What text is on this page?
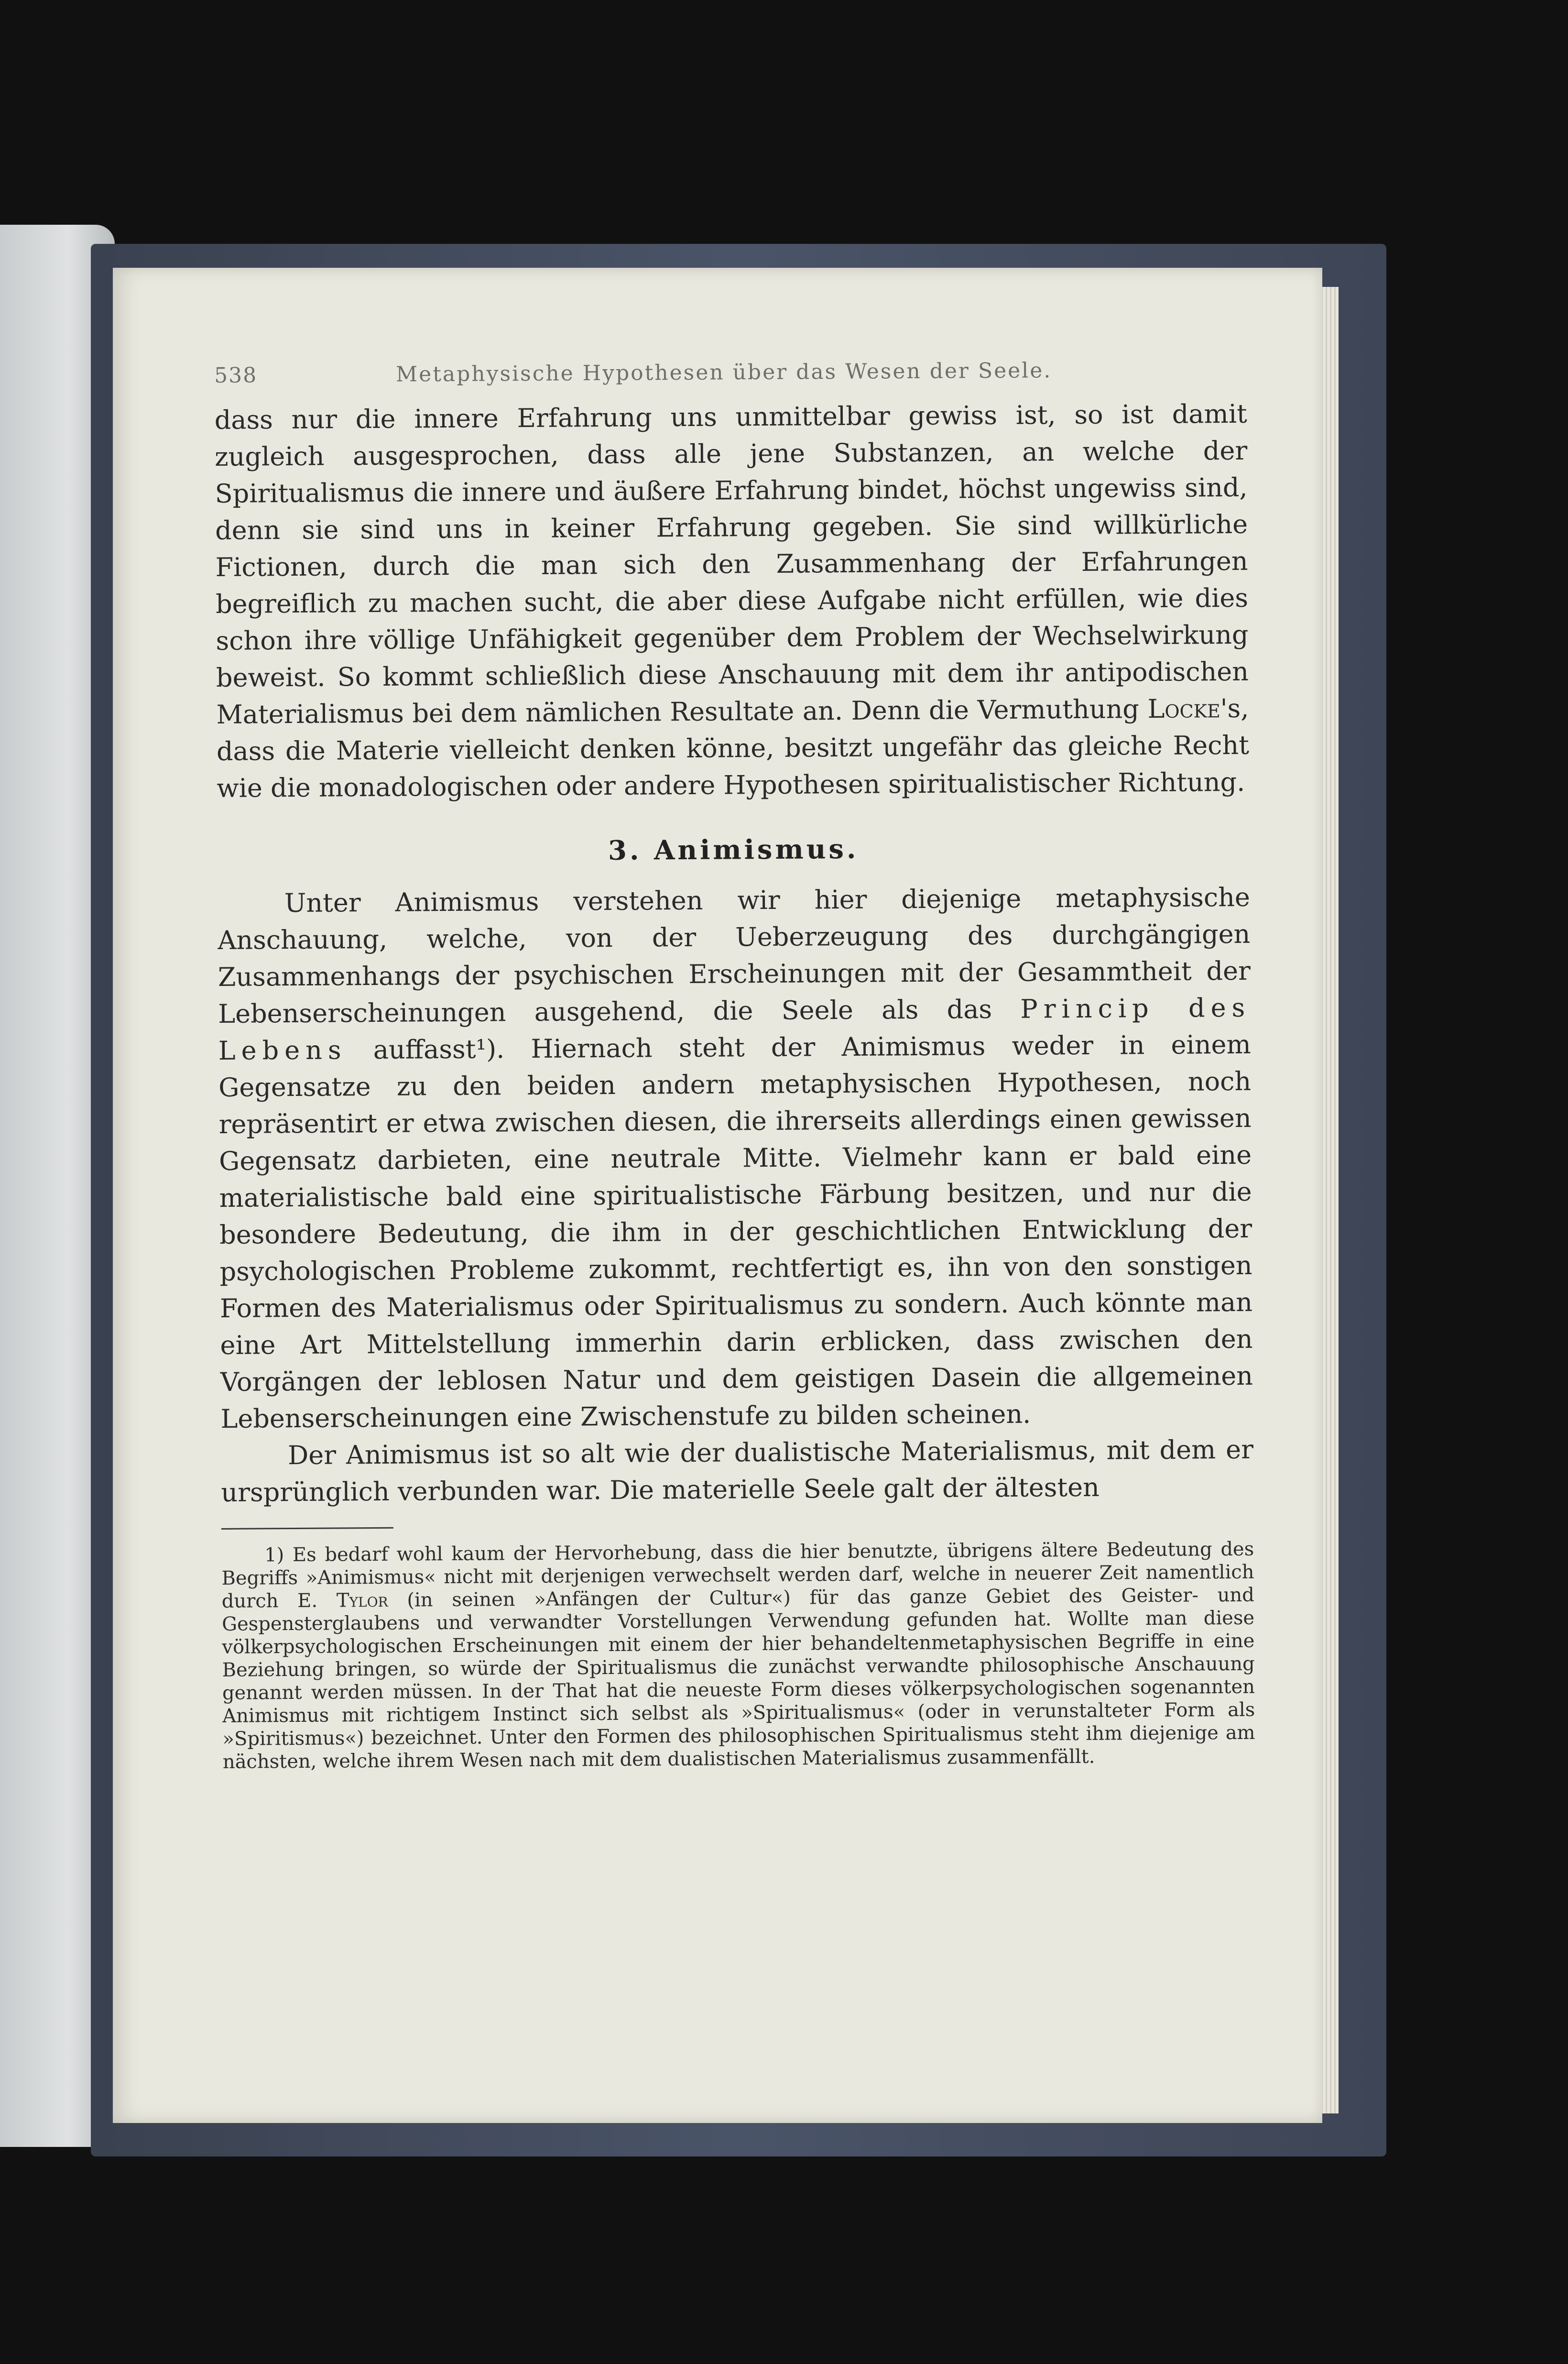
538	Metaphysische Hypothesen über das Wesen der Seele.

dass nur die innere Erfahrung uns unmittelbar gewiss ist, so ist damit zugleich ausgesprochen, dass alle jene Substanzen, an welche der Spiritualismus die innere und äußere Erfahrung bindet, höchst ungewiss sind, denn sie sind uns in keiner Erfahrung gegeben. Sie sind willkürliche Fictionen, durch die man sich den Zusammenhang der Erfahrungen begreiflich zu machen sucht, die aber diese Aufgabe nicht erfüllen, wie dies schon ihre völlige Unfähigkeit gegenüber dem Problem der Wechselwirkung beweist. So kommt schließlich diese Anschauung mit dem ihr antipodischen Materialismus bei dem nämlichen Resultate an. Denn die Vermuthung Locke's, dass die Materie vielleicht denken könne, besitzt ungefähr das gleiche Recht wie die monadologischen oder andere Hypothesen spiritualistischer Richtung.

3. Animismus.

Unter Animismus verstehen wir hier diejenige metaphysische Anschauung, welche, von der Ueberzeugung des durchgängigen Zusammenhangs der psychischen Erscheinungen mit der Gesammtheit der Lebenserscheinungen ausgehend, die Seele als das Princip des Lebens auffasst¹). Hiernach steht der Animismus weder in einem Gegensatze zu den beiden andern metaphysischen Hypothesen, noch repräsentirt er etwa zwischen diesen, die ihrerseits allerdings einen gewissen Gegensatz darbieten, eine neutrale Mitte. Vielmehr kann er bald eine materialistische bald eine spiritualistische Färbung besitzen, und nur die besondere Bedeutung, die ihm in der geschichtlichen Entwicklung der psychologischen Probleme zukommt, rechtfertigt es, ihn von den sonstigen Formen des Materialismus oder Spiritualismus zu sondern. Auch könnte man eine Art Mittelstellung immerhin darin erblicken, dass zwischen den Vorgängen der leblosen Natur und dem geistigen Dasein die allgemeinen Lebenserscheinungen eine Zwischenstufe zu bilden scheinen.

Der Animismus ist so alt wie der dualistische Materialismus, mit dem er ursprünglich verbunden war. Die materielle Seele galt der ältesten

1) Es bedarf wohl kaum der Hervorhebung, dass die hier benutzte, übrigens ältere Bedeutung des Begriffs »Animismus« nicht mit derjenigen verwechselt werden darf, welche in neuerer Zeit namentlich durch E. Tylor (in seinen »Anfängen der Cultur«) für das ganze Gebiet des Geister- und Gespensterglaubens und verwandter Vorstellungen Verwendung gefunden hat. Wollte man diese völkerpsychologischen Erscheinungen mit einem der hier behandeltenmetaphysischen Begriffe in eine Beziehung bringen, so würde der Spiritualismus die zunächst verwandte philosophische Anschauung genannt werden müssen. In der That hat die neueste Form dieses völkerpsychologischen sogenannten Animismus mit richtigem Instinct sich selbst als »Spiritualismus« (oder in verunstalteter Form als »Spiritismus«) bezeichnet. Unter den Formen des philosophischen Spiritualismus steht ihm diejenige am nächsten, welche ihrem Wesen nach mit dem dualistischen Materialismus zusammenfällt.
